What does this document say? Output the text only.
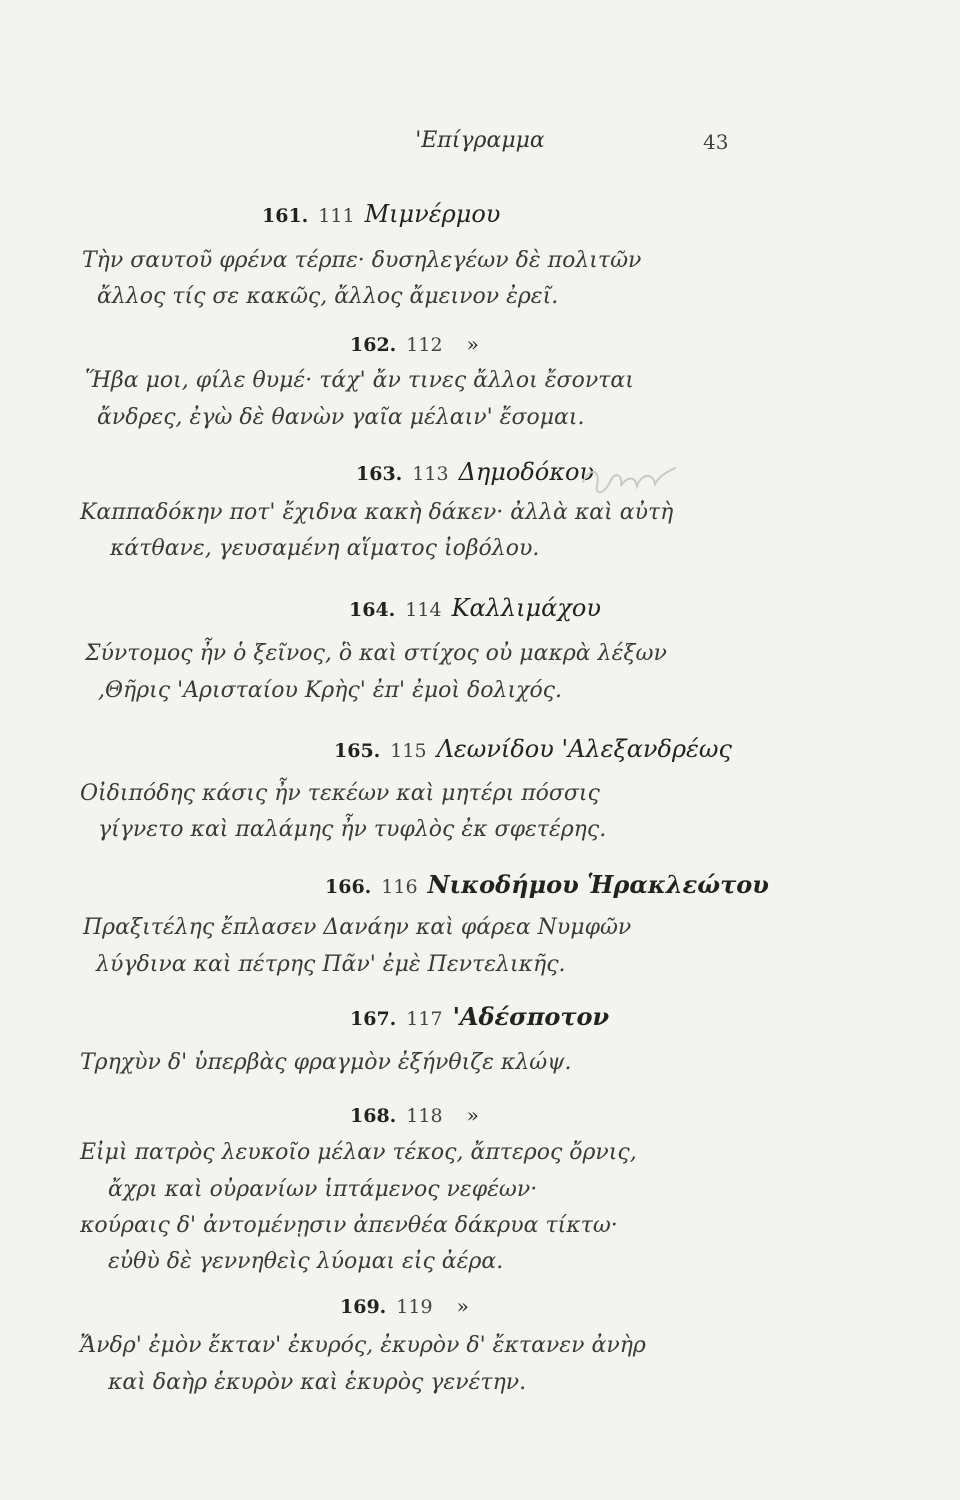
'Επίγραμμα	43
161 . 111 Μιμνέρμου
Τὴν σαυτοῦ φρένα τέρπε· δυσηλεγέων δὲ πολιτῶν
ἄλλος τίς σε κακῶς, ἄλλος ἄμεινον ἐρεῖ.
162 . 112 »
Ἥβα μοι, φίλε θυμέ· τάχ' ἄν τινες ἄλλοι ἔσονται
ἄνδρες, ἐγὼ δὲ θανὼν γαῖα μέλαιν' ἔσομαι.
163 . 113 Δημοδόκου
Καππαδόκην ποτ' ἔχιδνα κακὴ δάκεν· ἀλλὰ καὶ αὐτὴ
κάτθανε, γευσαμένη αἵματος ἰοβόλου.
164 . 114 Καλλιμάχου
Σύντομος ἦν ὁ ξεῖνος, ὃ καὶ στίχος οὐ μακρὰ λέξων
,Θῆρις 'Αρισταίου Κρὴς' ἐπ' ἐμοὶ δολιχός.
165 . 115 Λεωνίδου 'Αλεξανδρέως
Οἰδιπόδης κάσις ἦν τεκέων καὶ μητέρι πόσσις
γίγνετο καὶ παλάμης ἦν τυφλὸς ἐκ σφετέρης.
166 . 116 Νικοδήμου Ἡρακλεώτου
Πραξιτέλης ἔπλασεν Δανάην καὶ φάρεα Νυμφῶν
λύγδινα καὶ πέτρης Πᾶν' ἐμὲ Πεντελικῆς.
167 . 117 'Αδέσποτον
Τρηχὺν δ' ὑπερβὰς φραγμὸν ἐξήνθιζε κλώψ.
168 . 118 »
Εἰμὶ πατρὸς λευκοῖο μέλαν τέκος, ἄπτερος ὄρνις,
ἄχρι καὶ οὐρανίων ἱπτάμενος νεφέων·
κούραις δ' ἀντομένῃσιν ἀπενθέα δάκρυα τίκτω·
εὐθὺ δὲ γεννηθεὶς λύομαι εἰς ἀέρα.
169 . 119 »
Ἄνδρ' ἐμὸν ἔκταν' ἐκυρός, ἐκυρὸν δ' ἔκτανεν ἀνὴρ
καὶ δαὴρ ἑκυρὸν καὶ ἑκυρὸς γενέτην.
